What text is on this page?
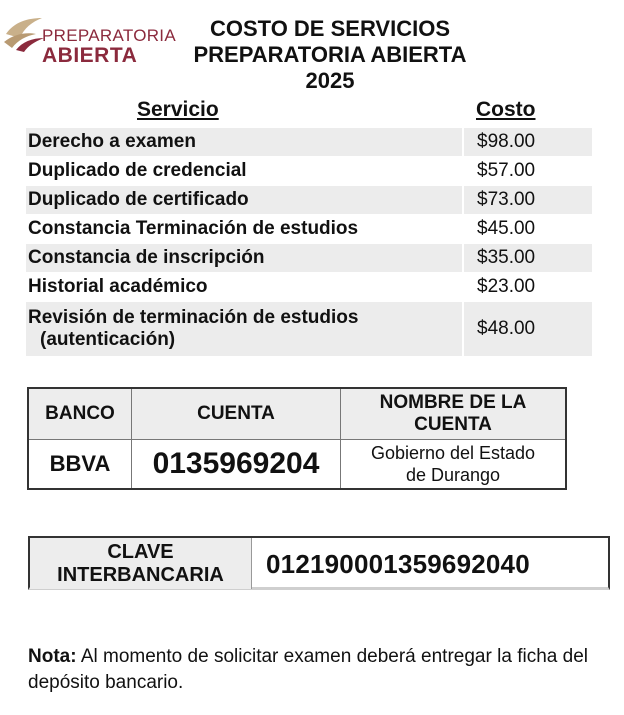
PREPARATORIA
ABIERTA
COSTO DE SERVICIOS
PREPARATORIA ABIERTA
2025
Servicio	Costo
Derecho a examen	$98.00
Duplicado de credencial	$57.00
Duplicado de certificado	$73.00
Constancia Terminación de estudios	$45.00
Constancia de inscripción	$35.00
Historial académico	$23.00
Revisión de terminación de estudios
(autenticación)	$48.00
BANCO	CUENTA	NOMBRE DE LA CUENTA
BBVA	0135969204	Gobierno del Estado
de Durango
CLAVE
INTERBANCARIA	012190001359692040
Nota: Al momento de solicitar examen deberá entregar la ficha del depósito bancario.
